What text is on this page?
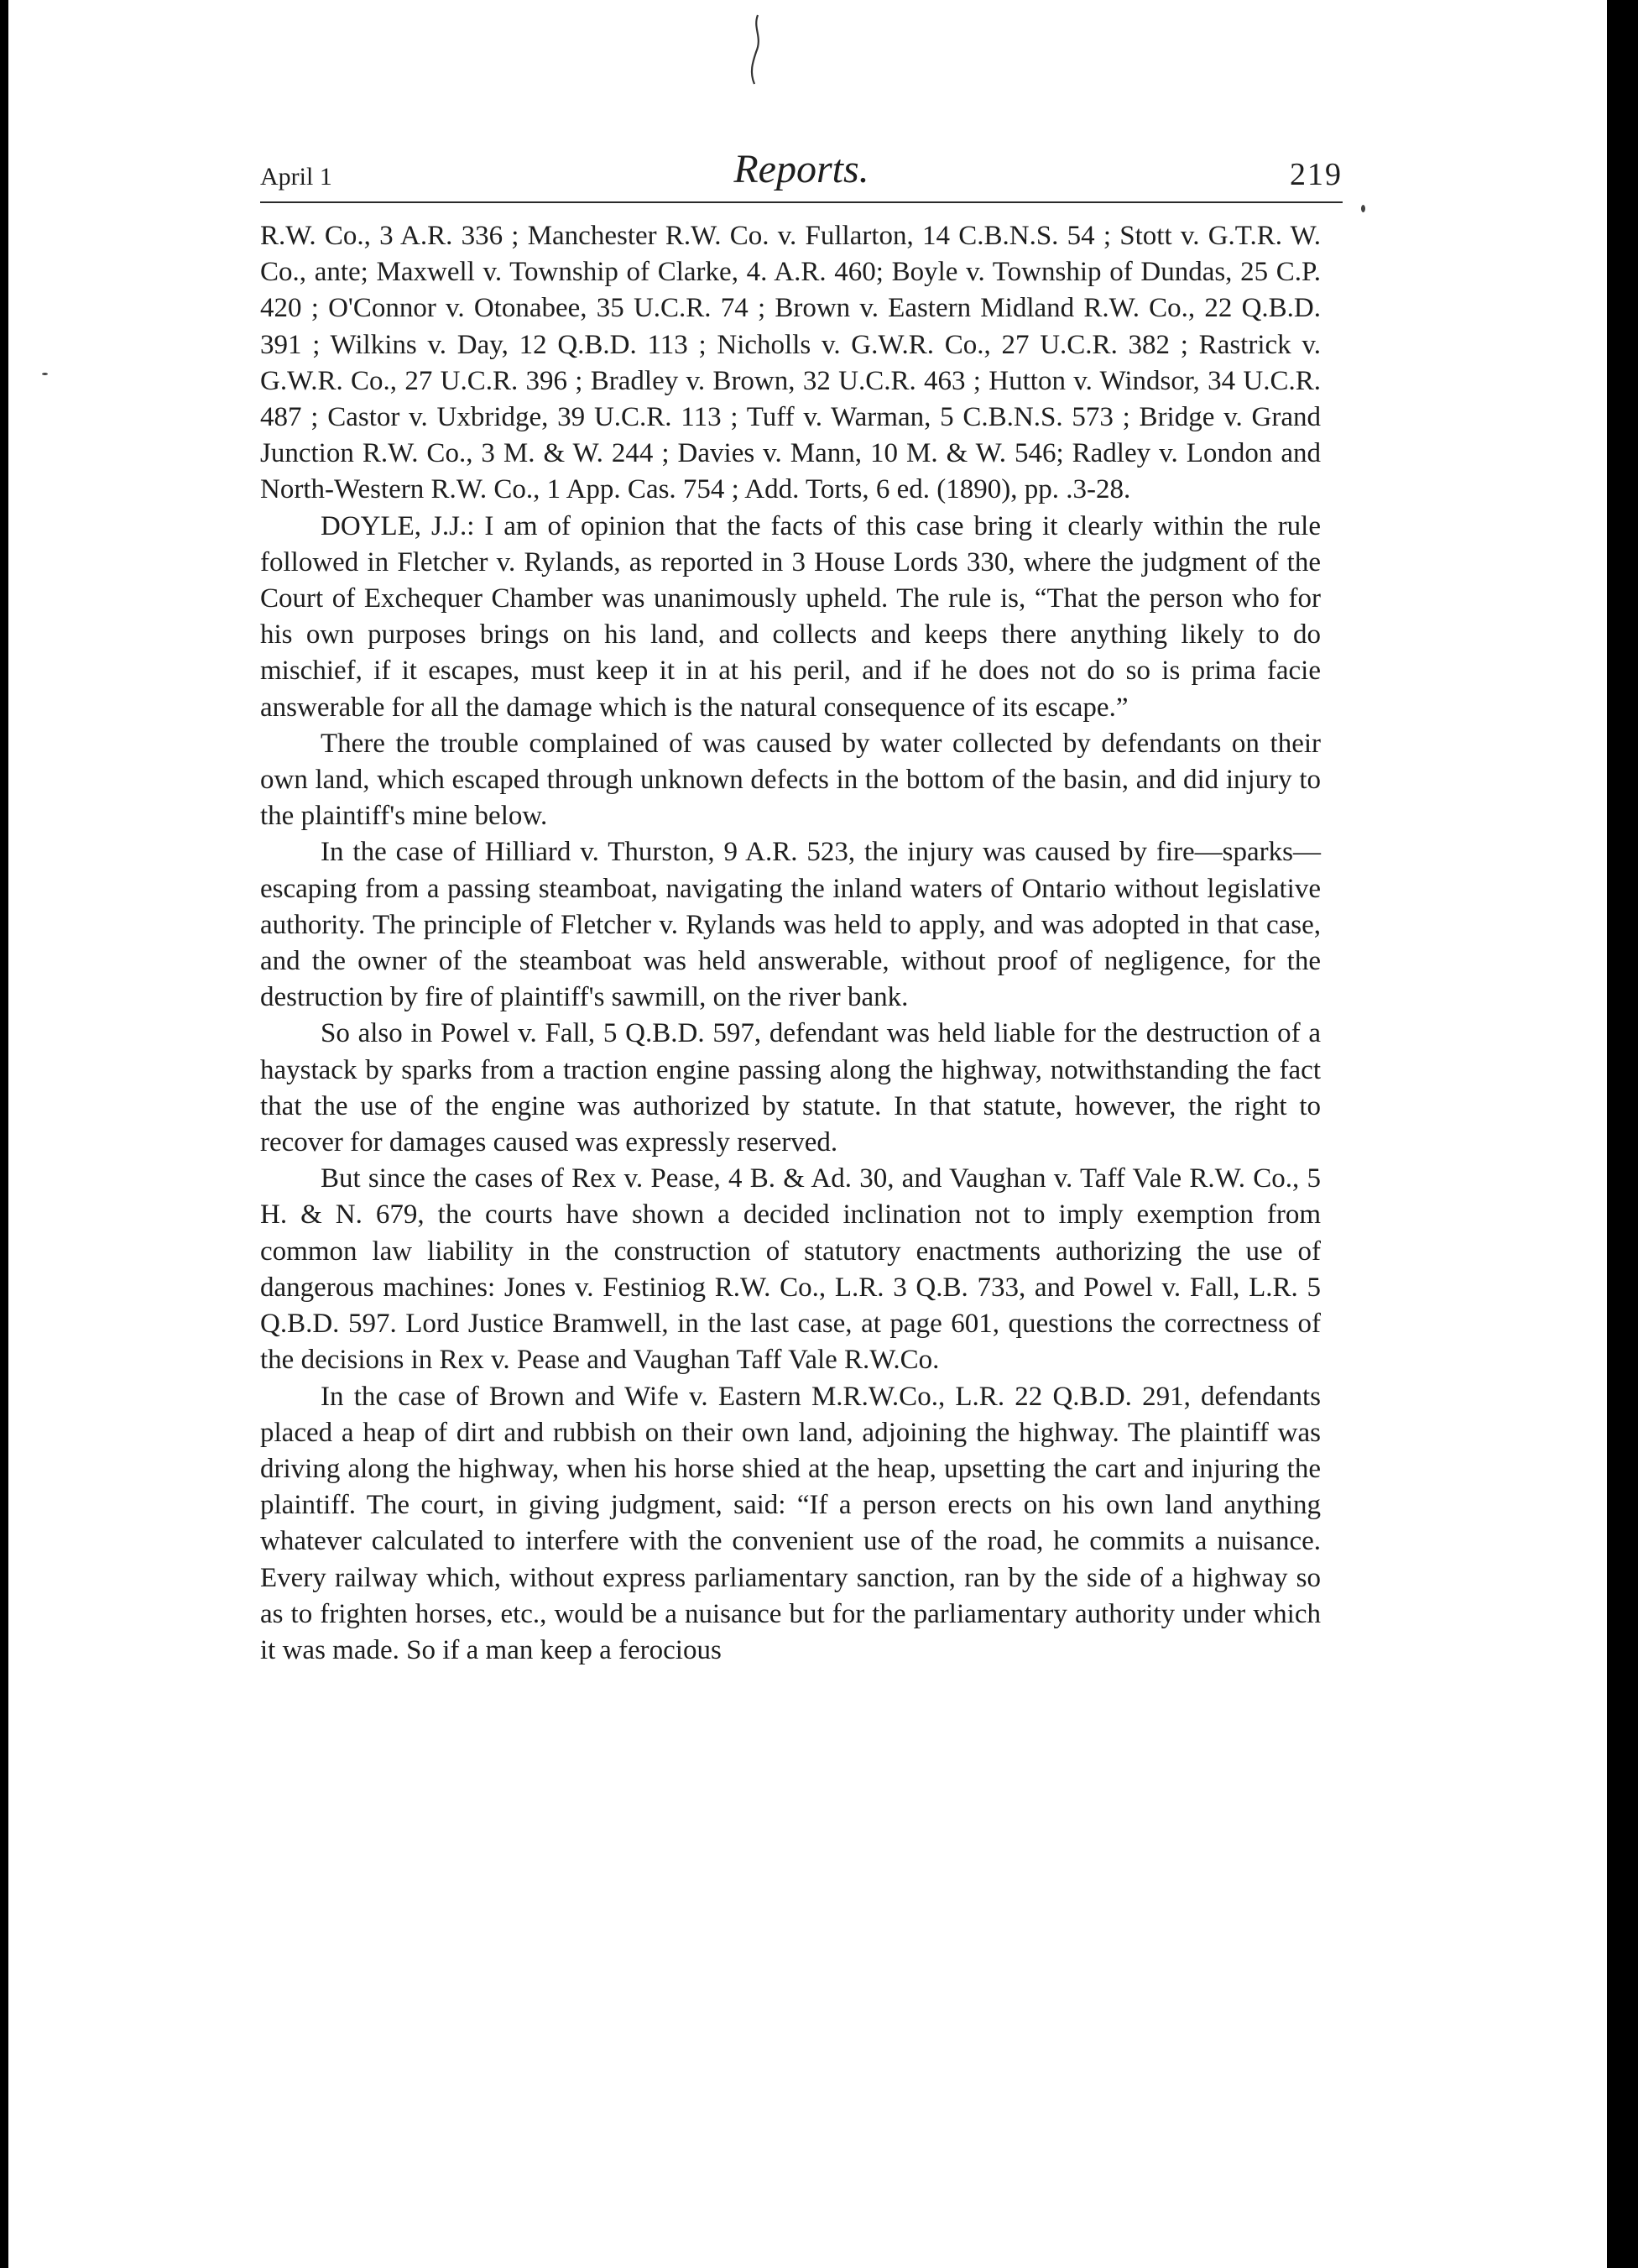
April 1	Reports.	219

R.W. Co., 3 A.R. 336 ; Manchester R.W. Co. v. Fullarton, 14 C.B.N.S. 54 ; Stott v. G.T.R. W. Co., ante; Maxwell v. Township of Clarke, 4. A.R. 460; Boyle v. Township of Dundas, 25 C.P. 420 ; O'Connor v. Otonabee, 35 U.C.R. 74 ; Brown v. Eastern Midland R.W. Co., 22 Q.B.D. 391 ; Wilkins v. Day, 12 Q.B.D. 113 ; Nicholls v. G.W.R. Co., 27 U.C.R. 382 ; Rastrick v. G.W.R. Co., 27 U.C.R. 396 ; Bradley v. Brown, 32 U.C.R. 463 ; Hutton v. Windsor, 34 U.C.R. 487 ; Castor v. Uxbridge, 39 U.C.R. 113 ; Tuff v. Warman, 5 C.B.N.S. 573 ; Bridge v. Grand Junction R.W. Co., 3 M. & W. 244 ; Davies v. Mann, 10 M. & W. 546; Radley v. London and North-Western R.W. Co., 1 App. Cas. 754 ; Add. Torts, 6 ed. (1890), pp. .3-28.

DOYLE, J.J.: I am of opinion that the facts of this case bring it clearly within the rule followed in Fletcher v. Rylands, as reported in 3 House Lords 330, where the judgment of the Court of Exchequer Chamber was unanimously upheld. The rule is, “That the person who for his own purposes brings on his land, and collects and keeps there anything likely to do mischief, if it escapes, must keep it in at his peril, and if he does not do so is prima facie answerable for all the damage which is the natural consequence of its escape.”

There the trouble complained of was caused by water collected by defendants on their own land, which escaped through unknown defects in the bottom of the basin, and did injury to the plaintiff's mine below.

In the case of Hilliard v. Thurston, 9 A.R. 523, the injury was caused by fire—sparks—escaping from a passing steamboat, navigating the inland waters of Ontario without legislative authority. The principle of Fletcher v. Rylands was held to apply, and was adopted in that case, and the owner of the steamboat was held answerable, without proof of negligence, for the destruction by fire of plaintiff's sawmill, on the river bank.

So also in Powel v. Fall, 5 Q.B.D. 597, defendant was held liable for the destruction of a haystack by sparks from a traction engine passing along the highway, notwithstanding the fact that the use of the engine was authorized by statute. In that statute, however, the right to recover for damages caused was expressly reserved.

But since the cases of Rex v. Pease, 4 B. & Ad. 30, and Vaughan v. Taff Vale R.W. Co., 5 H. & N. 679, the courts have shown a decided inclination not to imply exemption from common law liability in the construction of statutory enactments authorizing the use of dangerous machines: Jones v. Festiniog R.W. Co., L.R. 3 Q.B. 733, and Powel v. Fall, L.R. 5 Q.B.D. 597. Lord Justice Bramwell, in the last case, at page 601, questions the correctness of the decisions in Rex v. Pease and Vaughan Taff Vale R.W.Co.

In the case of Brown and Wife v. Eastern M.R.W.Co., L.R. 22 Q.B.D. 291, defendants placed a heap of dirt and rubbish on their own land, adjoining the highway. The plaintiff was driving along the highway, when his horse shied at the heap, upsetting the cart and injuring the plaintiff. The court, in giving judgment, said: “If a person erects on his own land anything whatever calculated to interfere with the convenient use of the road, he commits a nuisance. Every railway which, without express parliamentary sanction, ran by the side of a highway so as to frighten horses, etc., would be a nuisance but for the parliamentary authority under which it was made. So if a man keep a ferocious
